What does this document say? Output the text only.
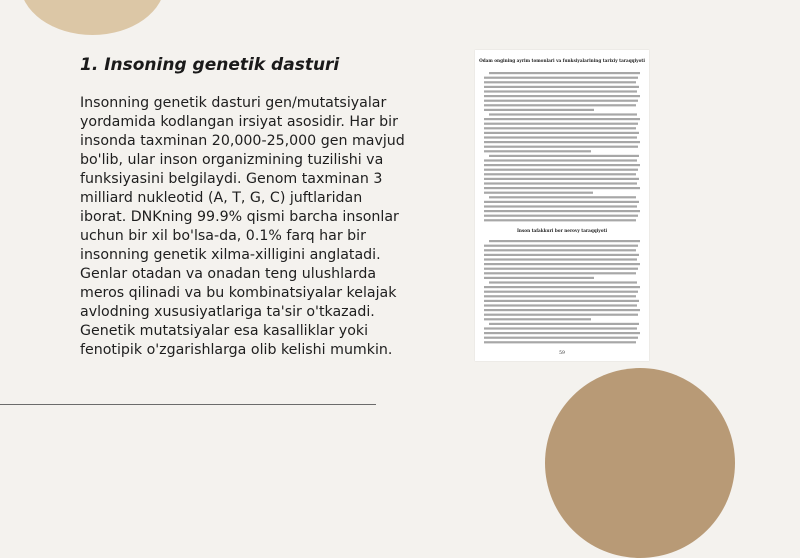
1. Insoning genetik dasturi

Insonning genetik dasturi gen/mutatsiyalar yordamida kodlangan irsiyat asosidir. Har bir insonda taxminan 20,000-25,000 gen mavjud bo'lib, ular inson organizmining tuzilishi va funksiyasini belgilaydi. Genom taxminan 3 milliard nukleotid (A, T, G, C) juftlaridan iborat. DNKning 99.9% qismi barcha insonlar uchun bir xil bo'lsa-da, 0.1% farq har bir insonning genetik xilma-xilligini anglatadi. Genlar otadan va onadan teng ulushlarda meros qilinadi va bu kombinatsiyalar kelajak avlodning xususiyatlariga ta'sir o'tkazadi. Genetik mutatsiyalar esa kasalliklar yoki fenotipik o'zgarishlarga olib kelishi mumkin.

Odam ongining ayrim tomonlari va funksiyalarining tarixiy taraqqiyoti
Inson tafakkuri bor nerovy taraqqiyoti
59
